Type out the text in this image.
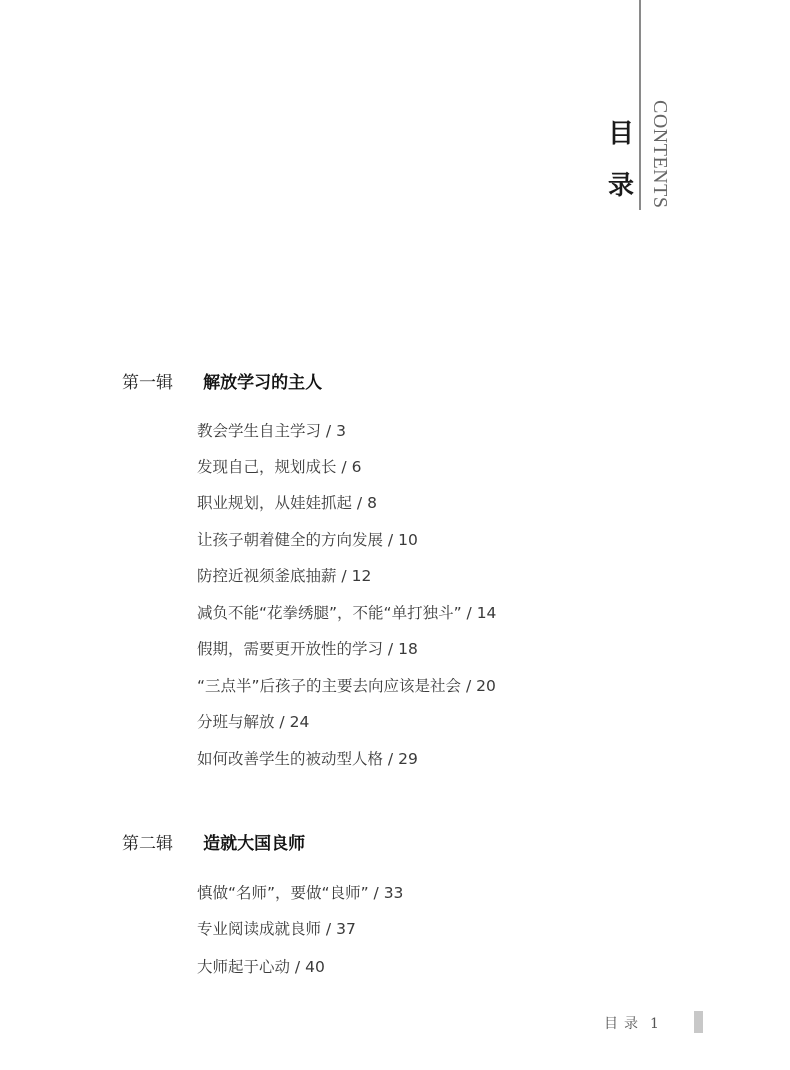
目
录 CONTENTS
第一辑 解放学习的主人
教会学生自主学习 / 3
发现自己，规划成长 / 6
职业规划，从娃娃抓起 / 8
让孩子朝着健全的方向发展 / 10
防控近视须釜底抽薪 / 12
减负不能“花拳绣腿”，不能“单打独斗” / 14
假期，需要更开放性的学习 / 18
“三点半”后孩子的主要去向应该是社会 / 20
分班与解放 / 24
如何改善学生的被动型人格 / 29
第二辑 造就大国良师
慎做“名师”，要做“良师” / 33
专业阅读成就良师 / 37
大师起于心动 / 40
目录 1
